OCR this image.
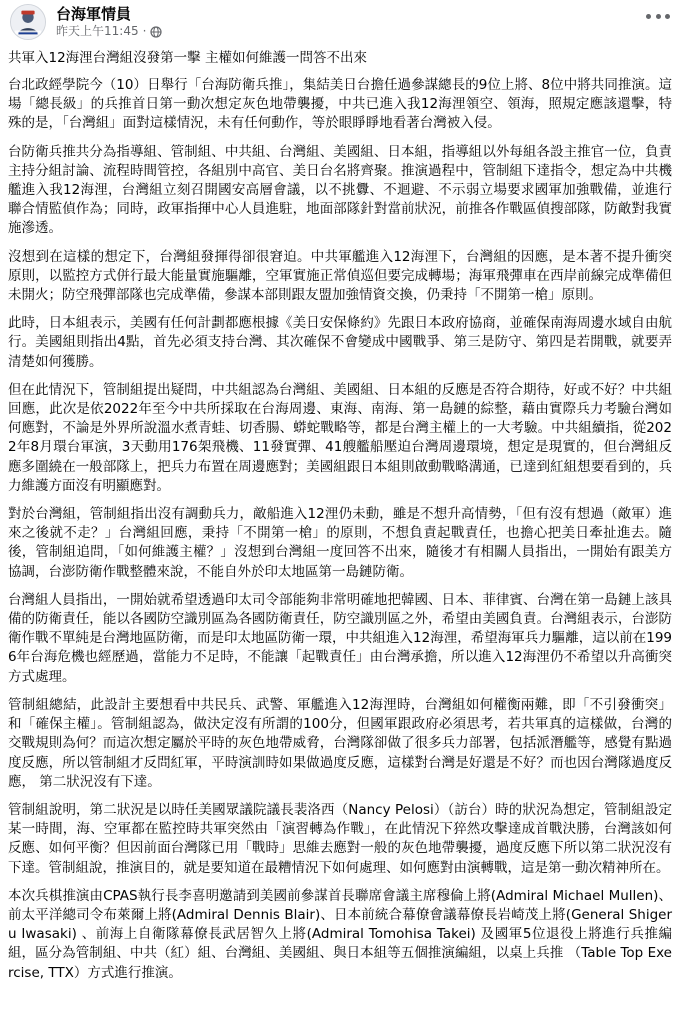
台海軍情員
昨天上午11:45 ·
共軍入12海浬台灣組沒發第一擊 主權如何維護一問答不出來

台北政經學院今（10）日舉行「台海防衛兵推」，集結美日台擔任過參謀總長的9位上將、8位中將共同推演。這場「總長級」的兵推首日第一動次想定灰色地帶襲擾，中共已進入我12海浬領空、領海，照規定應該還擊，特殊的是，「台灣組」面對這樣情況，未有任何動作，等於眼睜睜地看著台灣被入侵。

台防衛兵推共分為指導組、管制組、中共組、台灣組、美國組、日本組，指導組以外每組各設主推官一位，負責主持分組討論、流程時間管控，各組別中高官、美日台名將齊聚。推演過程中，管制組下達指令，想定為中共機艦進入我12海浬，台灣組立刻召開國安高層會議，以不挑釁、不迴避、不示弱立場要求國軍加強戰備，並進行聯合情監偵作為；同時，政軍指揮中心人員進駐，地面部隊針對當前狀況，前推各作戰區偵搜部隊，防敵對我實施滲透。

沒想到在這樣的想定下，台灣組發揮得卻很窘迫。中共軍艦進入12海浬下，台灣組的因應，是本著不提升衝突原則，以監控方式併行最大能量實施驅離，空軍實施正常偵巡但要完成轉場；海軍飛彈車在西岸前線完成準備但未開火；防空飛彈部隊也完成準備，參謀本部則跟友盟加強情資交換，仍秉持「不開第一槍」原則。

此時，日本組表示，美國有任何計劃都應根據《美日安保條約》先跟日本政府協商，並確保南海周邊水域自由航行。美國組則指出4點，首先必須支持台灣、其次確保不會變成中國戰爭、第三是防守、第四是若開戰，就要弄清楚如何獲勝。

但在此情況下，管制組提出疑問，中共組認為台灣組、美國組、日本組的反應是否符合期待，好或不好？中共組回應，此次是依2022年至今中共所採取在台海周邊、東海、南海、第一島鏈的綜整，藉由實際兵力考驗台灣如何應對，不論是外界所說溫水煮青蛙、切香腸、蟒蛇戰略等，都是台灣主權上的一大考驗。中共組續指，從2022年8月環台軍演，3天動用176架飛機、11發實彈、41艘艦船壓迫台灣周邊環境，想定是現實的，但台灣組反應多圍繞在一般部隊上，把兵力布置在周邊應對；美國組跟日本組則啟動戰略溝通，已達到紅組想要看到的，兵力維護方面沒有明顯應對。

對於台灣組，管制組指出沒有調動兵力，敵船進入12浬仍未動，雖是不想升高情勢，「但有沒有想過（敵軍）進來之後就不走？」台灣組回應，秉持「不開第一槍」的原則，不想負責起戰責任，也擔心把美日牽扯進去。隨後，管制組追問，「如何維護主權？」沒想到台灣組一度回答不出來，隨後才有相關人員指出，一開始有跟美方協調，台澎防衛作戰整體來說，不能自外於印太地區第一島鏈防衛。

台灣組人員指出，一開始就希望透過印太司令部能夠非常明確地把韓國、日本、菲律賓、台灣在第一島鏈上該具備的防衛責任，能以各國防空識別區為各國防衛責任，防空識別區之外，希望由美國負責。台灣組表示，台澎防衛作戰不單純是台灣地區防衛，而是印太地區防衛一環，中共組進入12海浬，希望海軍兵力驅離，這以前在1996年台海危機也經歷過，當能力不足時，不能讓「起戰責任」由台灣承擔，所以進入12海浬仍不希望以升高衝突方式處理。

管制組總結，此設計主要想看中共民兵、武警、軍艦進入12海浬時，台灣組如何權衡兩難，即「不引發衝突」和「確保主權」。管制組認為，做決定沒有所謂的100分，但國軍跟政府必須思考，若共軍真的這樣做，台灣的交戰規則為何？而這次想定屬於平時的灰色地帶威脅，台灣隊卻做了很多兵力部署，包括派潛艦等，感覺有點過度反應，所以管制組才反問紅軍，平時演訓時如果做過度反應，這樣對台灣是好還是不好？而也因台灣隊過度反應， 第二狀況沒有下達。

管制組說明，第二狀況是以時任美國眾議院議長裴洛西（Nancy Pelosi）（訪台）時的狀況為想定，管制組設定某一時間，海、空軍都在監控時共軍突然由「演習轉為作戰」，在此情況下猝然攻擊達成首戰決勝，台灣該如何反應、如何平衡？但因前面台灣隊已用「戰時」思維去應對一般的灰色地帶襲擾，過度反應下所以第二狀況沒有下達。管制組說，推演目的，就是要知道在最糟情況下如何處理、如何應對由演轉戰，這是第一動次精神所在。

本次兵棋推演由CPAS執行長李喜明邀請到美國前參謀首長聯席會議主席穆倫上將(Admiral Michael Mullen)、前太平洋總司令布萊爾上將(Admiral Dennis Blair)、日本前統合幕僚會議幕僚長岩崎茂上將(General Shigeru Iwasaki) 、前海上自衛隊幕僚長武居智久上將(Admiral Tomohisa Takei) 及國軍5位退役上將進行兵推編組，區分為管制組、中共（紅）組、台灣組、美國組、與日本組等五個推演編組，以桌上兵推 （Table Top Exercise, TTX）方式進行推演。
